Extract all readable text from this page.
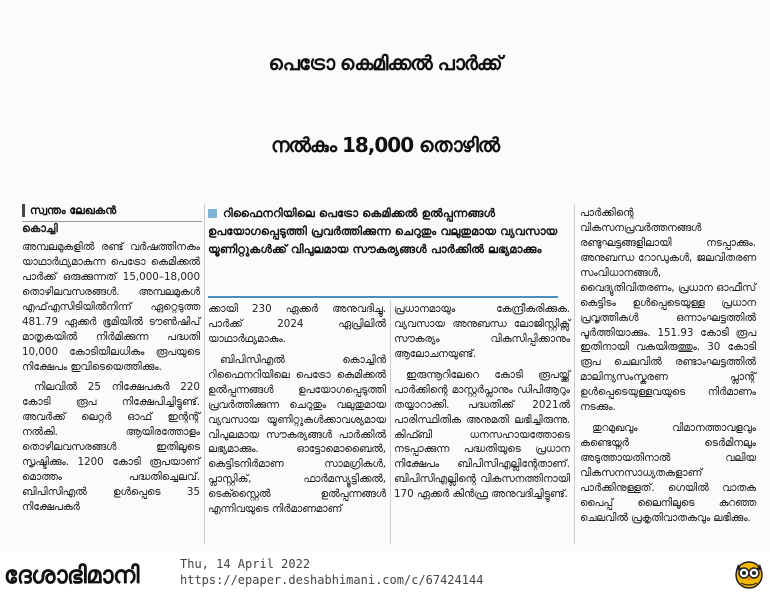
പെട്രോ കെമിക്കൽ പാർക്ക്
നൽകും 18,000 തൊഴിൽ
സ്വന്തം ലേഖകൻ
കൊച്ചി
റിഫൈനറിയിലെ പെട്രോ കെമിക്കൽ ഉൽപ്പന്നങ്ങൾ ഉപയോഗപ്പെടുത്തി പ്രവർത്തിക്കുന്ന ചെറുതും വലുതുമായ വ്യവസായ യൂണിറ്റുകൾക്ക് വിപുലമായ സൗകര്യങ്ങൾ പാർക്കിൽ ലഭ്യമാക്കും

അമ്പലമുകളിൽ രണ്ട് വർഷത്തിനകം യാഥാർഥ്യമാകുന്ന പെട്രോ കെമിക്കൽ പാർക്ക് ഒരുക്കുന്നത് 15,000–18,000 തൊഴിലവസരങ്ങൾ. അമ്പലമുകൾ എഫ്എസിടിയിൽനിന്ന് ഏറ്റെടുത്ത 481.79 ഏക്കർ ഭൂമിയിൽ ടൗൺഷിപ് മാതൃകയിൽ നിർമിക്കുന്ന പദ്ധതി 10,000 കോടിയിലധികം രൂപയുടെ നിക്ഷേപം ഇവിടെയെത്തിക്കും.

നിലവിൽ 25 നിക്ഷേപകർ 220 കോടി രൂപ നിക്ഷേപിച്ചിട്ടുണ്ട്. അവർക്ക് ലെറ്റർ ഓഫ് ഇന്റന്റ് നൽകി. ആയിരത്തോളം തൊഴിലവസരങ്ങൾ ഇതിലൂടെ സൃഷ്ടിക്കും. 1200 കോടി രൂപയാണ് മൊത്തം പദ്ധതിച്ചെലവ്. ബിപിസിഎൽ ഉൾപ്പെടെ 35 നിക്ഷേപകർ

ക്കായി 230 ഏക്കർ അനുവദിച്ചു. പാർക്ക് 2024 ഏപ്രിലിൽ യാഥാർഥ്യമാകും.

ബിപിസിഎൽ കൊച്ചിൻ റിഫൈനറിയിലെ പെട്രോ കെമിക്കൽ ഉൽപ്പന്നങ്ങൾ ഉപയോഗപ്പെടുത്തി പ്രവർത്തിക്കുന്ന ചെറുതും വലുതുമായ വ്യവസായ യൂണിറ്റുകൾക്കാവശ്യമായ വിപുലമായ സൗകര്യങ്ങൾ പാർക്കിൽ ലഭ്യമാക്കും. ഓട്ടോമൊബൈൽ, കെട്ടിടനിർമാണ സാമഗ്രികൾ, പ്ലാസ്റ്റിക്, ഫാർമസ്യൂട്ടിക്കൽ, ടെക്സ്റ്റൈൽ ഉൽപ്പന്നങ്ങൾ എന്നിവയുടെ നിർമാണമാണ്

പ്രധാനമായും കേന്ദ്രീകരിക്കുക. വ്യവസായ അനുബന്ധ ലോജിസ്റ്റിക്സ് സൗകര്യം വികസിപ്പിക്കാനും ആലോചനയുണ്ട്.

ഇരുന്നൂറിലേറെ കോടി രൂപയ്ക്ക് പാർക്കിന്റെ മാസ്റ്റർപ്ലാനും ഡിപിആറും തയ്യാറാക്കി. പദ്ധതിക്ക് 2021ൽ പാരിസ്ഥിതിക അനുമതി ലഭിച്ചിരുന്നു. കിഫ്ബി ധനസഹായത്തോടെ നടപ്പാക്കുന്ന പദ്ധതിയുടെ പ്രധാന നിക്ഷേപം ബിപിസിഎല്ലിന്റേതാണ്. ബിപിസിഎല്ലിന്റെ വികസനത്തിനായി 170 ഏക്കർ കിൻഫ്ര അനുവദിച്ചിട്ടുണ്ട്.

പാർക്കിന്റെ വികസനപ്രവർത്തനങ്ങൾ രണ്ടുഘട്ടങ്ങളിലായി നടപ്പാക്കും. അനുബന്ധ റോഡുകൾ, ജലവിതരണ സംവിധാനങ്ങൾ, വൈദ്യുതിവിതരണം, പ്രധാന ഓഫീസ് കെട്ടിടം ഉൾപ്പെടെയുള്ള പ്രധാന പ്രവൃത്തികൾ ഒന്നാംഘട്ടത്തിൽ പൂർത്തിയാക്കും. 151.93 കോടി രൂപ ഇതിനായി വകയിരുത്തും. 30 കോടി രൂപ ചെലവിൽ രണ്ടാംഘട്ടത്തിൽ മാലിന്യസംസ്കരണ പ്ലാന്റ് ഉൾപ്പെടെയുള്ളവയുടെ നിർമാണം നടക്കും.

തുറമുഖവും വിമാനത്താവളവും കണ്ടെയ്നർ ടെർമിനലും അടുത്തായതിനാൽ വലിയ വികസനസാധ്യതകളാണ് പാർക്കിനുള്ളത്. ഗെയിൽ വാതക പൈപ്പ് ലൈനിലൂടെ കുറഞ്ഞ ചെലവിൽ പ്രകൃതിവാതകവും ലഭിക്കും.

ദേശാഭിമാനി	Thu, 14 April 2022
https://epaper.deshabhimani.com/c/67424144
